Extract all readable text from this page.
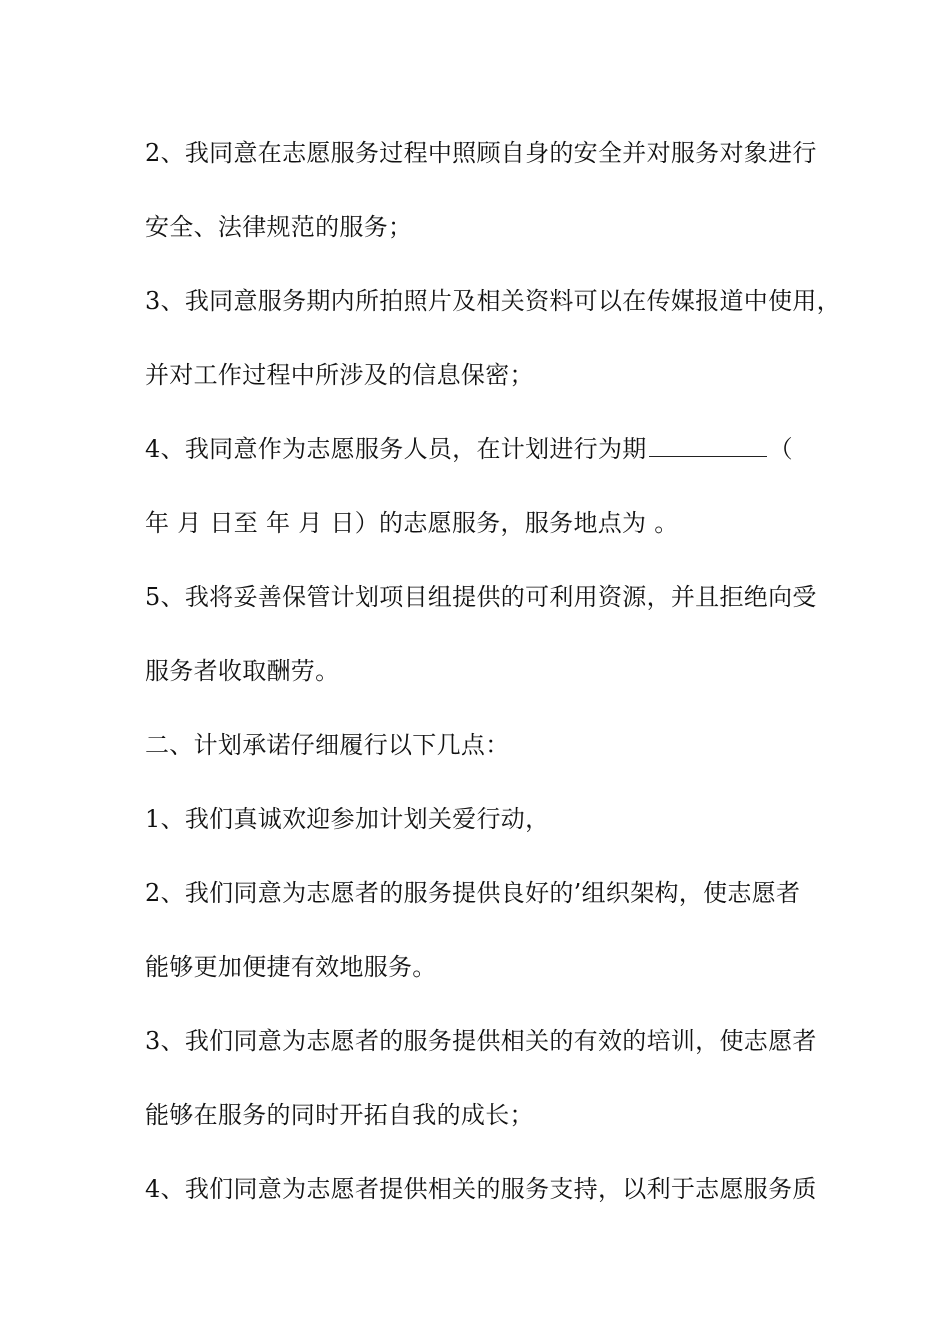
2、我同意在志愿服务过程中照顾自身的安全并对服务对象进行
安全、法律规范的服务；
3、我同意服务期内所拍照片及相关资料可以在传媒报道中使用，
并对工作过程中所涉及的信息保密；
4、我同意作为志愿服务人员，在计划进行为期	（
年 月 日至 年 月 日）的志愿服务，服务地点为 。
5、我将妥善保管计划项目组提供的可利用资源，并且拒绝向受
服务者收取酬劳。
二、计划承诺仔细履行以下几点：
1、我们真诚欢迎参加计划关爱行动，
2、我们同意为志愿者的服务提供良好的’组织架构，使志愿者
能够更加便捷有效地服务。
3、我们同意为志愿者的服务提供相关的有效的培训，使志愿者
能够在服务的同时开拓自我的成长；
4、我们同意为志愿者提供相关的服务支持，以利于志愿服务质
